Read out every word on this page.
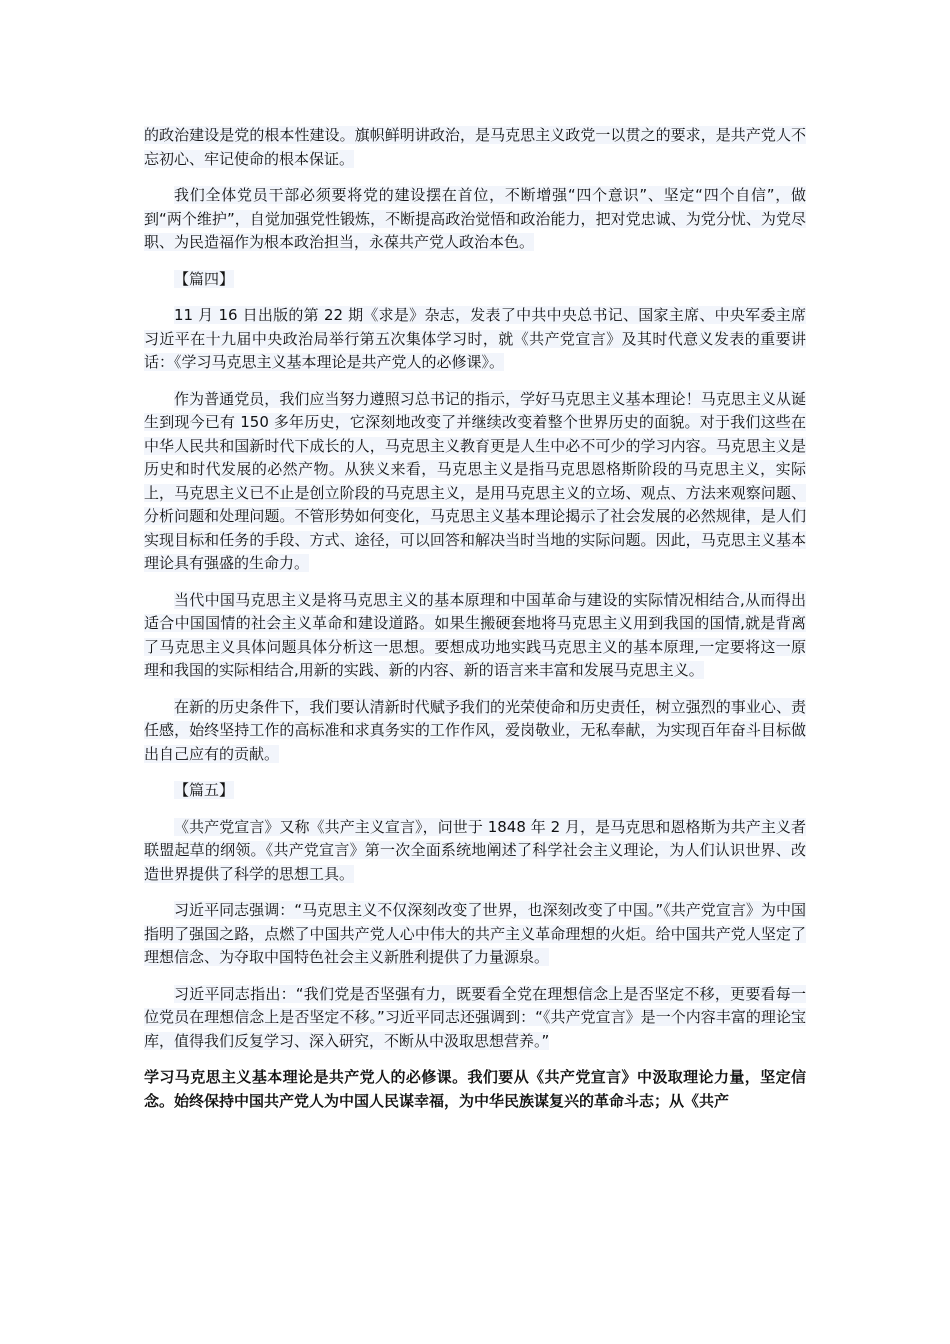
的政治建设是党的根本性建设。旗帜鲜明讲政治，是马克思主义政党一以贯之的要求，是共产党人不忘初心、牢记使命的根本保证。

我们全体党员干部必须要将党的建设摆在首位，不断增强“四个意识”、坚定“四个自信”，做到“两个维护”，自觉加强党性锻炼，不断提高政治觉悟和政治能力，把对党忠诚、为党分忧、为党尽职、为民造福作为根本政治担当，永葆共产党人政治本色。

【篇四】

11 月 16 日出版的第 22 期《求是》杂志，发表了中共中央总书记、国家主席、中央军委主席习近平在十九届中央政治局举行第五次集体学习时，就《共产党宣言》及其时代意义发表的重要讲话：《学习马克思主义基本理论是共产党人的必修课》。

作为普通党员，我们应当努力遵照习总书记的指示，学好马克思主义基本理论！马克思主义从诞生到现今已有 150 多年历史，它深刻地改变了并继续改变着整个世界历史的面貌。对于我们这些在中华人民共和国新时代下成长的人，马克思主义教育更是人生中必不可少的学习内容。马克思主义是历史和时代发展的必然产物。从狭义来看，马克思主义是指马克思恩格斯阶段的马克思主义，实际上，马克思主义已不止是创立阶段的马克思主义，是用马克思主义的立场、观点、方法来观察问题、分析问题和处理问题。不管形势如何变化，马克思主义基本理论揭示了社会发展的必然规律，是人们实现目标和任务的手段、方式、途径，可以回答和解决当时当地的实际问题。因此，马克思主义基本理论具有强盛的生命力。

当代中国马克思主义是将马克思主义的基本原理和中国革命与建设的实际情况相结合,从而得出适合中国国情的社会主义革命和建设道路。如果生搬硬套地将马克思主义用到我国的国情,就是背离了马克思主义具体问题具体分析这一思想。要想成功地实践马克思主义的基本原理,一定要将这一原理和我国的实际相结合,用新的实践、新的内容、新的语言来丰富和发展马克思主义。

在新的历史条件下，我们要认清新时代赋予我们的光荣使命和历史责任，树立强烈的事业心、责任感，始终坚持工作的高标准和求真务实的工作作风，爱岗敬业，无私奉献，为实现百年奋斗目标做出自己应有的贡献。

【篇五】

《共产党宣言》又称《共产主义宣言》，问世于 1848 年 2 月，是马克思和恩格斯为共产主义者联盟起草的纲领。《共产党宣言》第一次全面系统地阐述了科学社会主义理论，为人们认识世界、改造世界提供了科学的思想工具。

习近平同志强调：“马克思主义不仅深刻改变了世界，也深刻改变了中国。”《共产党宣言》为中国指明了强国之路，点燃了中国共产党人心中伟大的共产主义革命理想的火炬。给中国共产党人坚定了理想信念、为夺取中国特色社会主义新胜利提供了力量源泉。

习近平同志指出：“我们党是否坚强有力，既要看全党在理想信念上是否坚定不移，更要看每一位党员在理想信念上是否坚定不移。”习近平同志还强调到：“《共产党宣言》是一个内容丰富的理论宝库，值得我们反复学习、深入研究，不断从中汲取思想营养。”

学习马克思主义基本理论是共产党人的必修课。我们要从《共产党宣言》中汲取理论力量，坚定信念。始终保持中国共产党人为中国人民谋幸福，为中华民族谋复兴的革命斗志；从《共产
